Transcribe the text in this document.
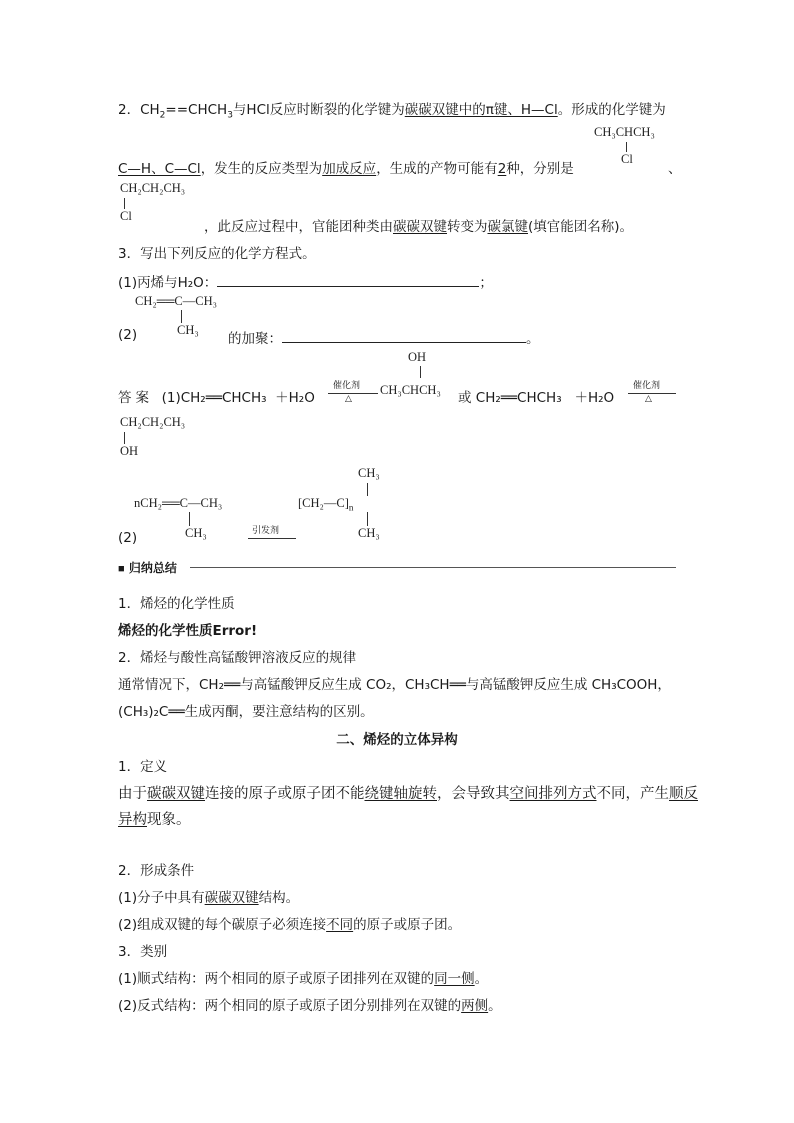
2．$CH_2==CHCH_3$与HCl反应时断裂的化学键为碳碳双键中的π键、H—Cl。形成的化学键为
CH₃CHCH₃
Cl
C—H、C—Cl，发生的反应类型为加成反应，生成的产物可能有2种，分别是	、
CH₂CH₂CH₃
Cl
，此反应过程中，官能团种类由碳碳双键转变为碳氯键(填官能团名称)。
3．写出下列反应的化学方程式。
(1)丙烯与H₂O：	；
CH₂══C—CH₃
CH₃
(2)	的加聚：	。
OH
答案 (1)CH₂══CHCH₃ ＋H₂O
催化剂
△
CH₃CHCH₃ 或 CH₂══CHCH₃ ＋H₂O
催化剂
△
CH₂CH₂CH₃
OH
CH₃
nCH₂══C—CH₃	$[CH_2—C]_n$
CH₃	CH₃
引发剂
(2)
■ 归纳总结
1．烯烃的化学性质
烯烃的化学性质Error!
2．烯烃与酸性高锰酸钾溶液反应的规律
通常情况下，CH₂══与高锰酸钾反应生成 CO₂，CH₃CH══与高锰酸钾反应生成 CH₃COOH，
(CH₃)₂C══生成丙酮，要注意结构的区别。
二、烯烃的立体异构
1．定义
由于碳碳双键连接的原子或原子团不能绕键轴旋转，会导致其空间排列方式不同，产生顺反
异构现象。
2．形成条件
(1)分子中具有碳碳双键结构。
(2)组成双键的每个碳原子必须连接不同的原子或原子团。
3．类别
(1)顺式结构：两个相同的原子或原子团排列在双键的同一侧。
(2)反式结构：两个相同的原子或原子团分别排列在双键的两侧。
